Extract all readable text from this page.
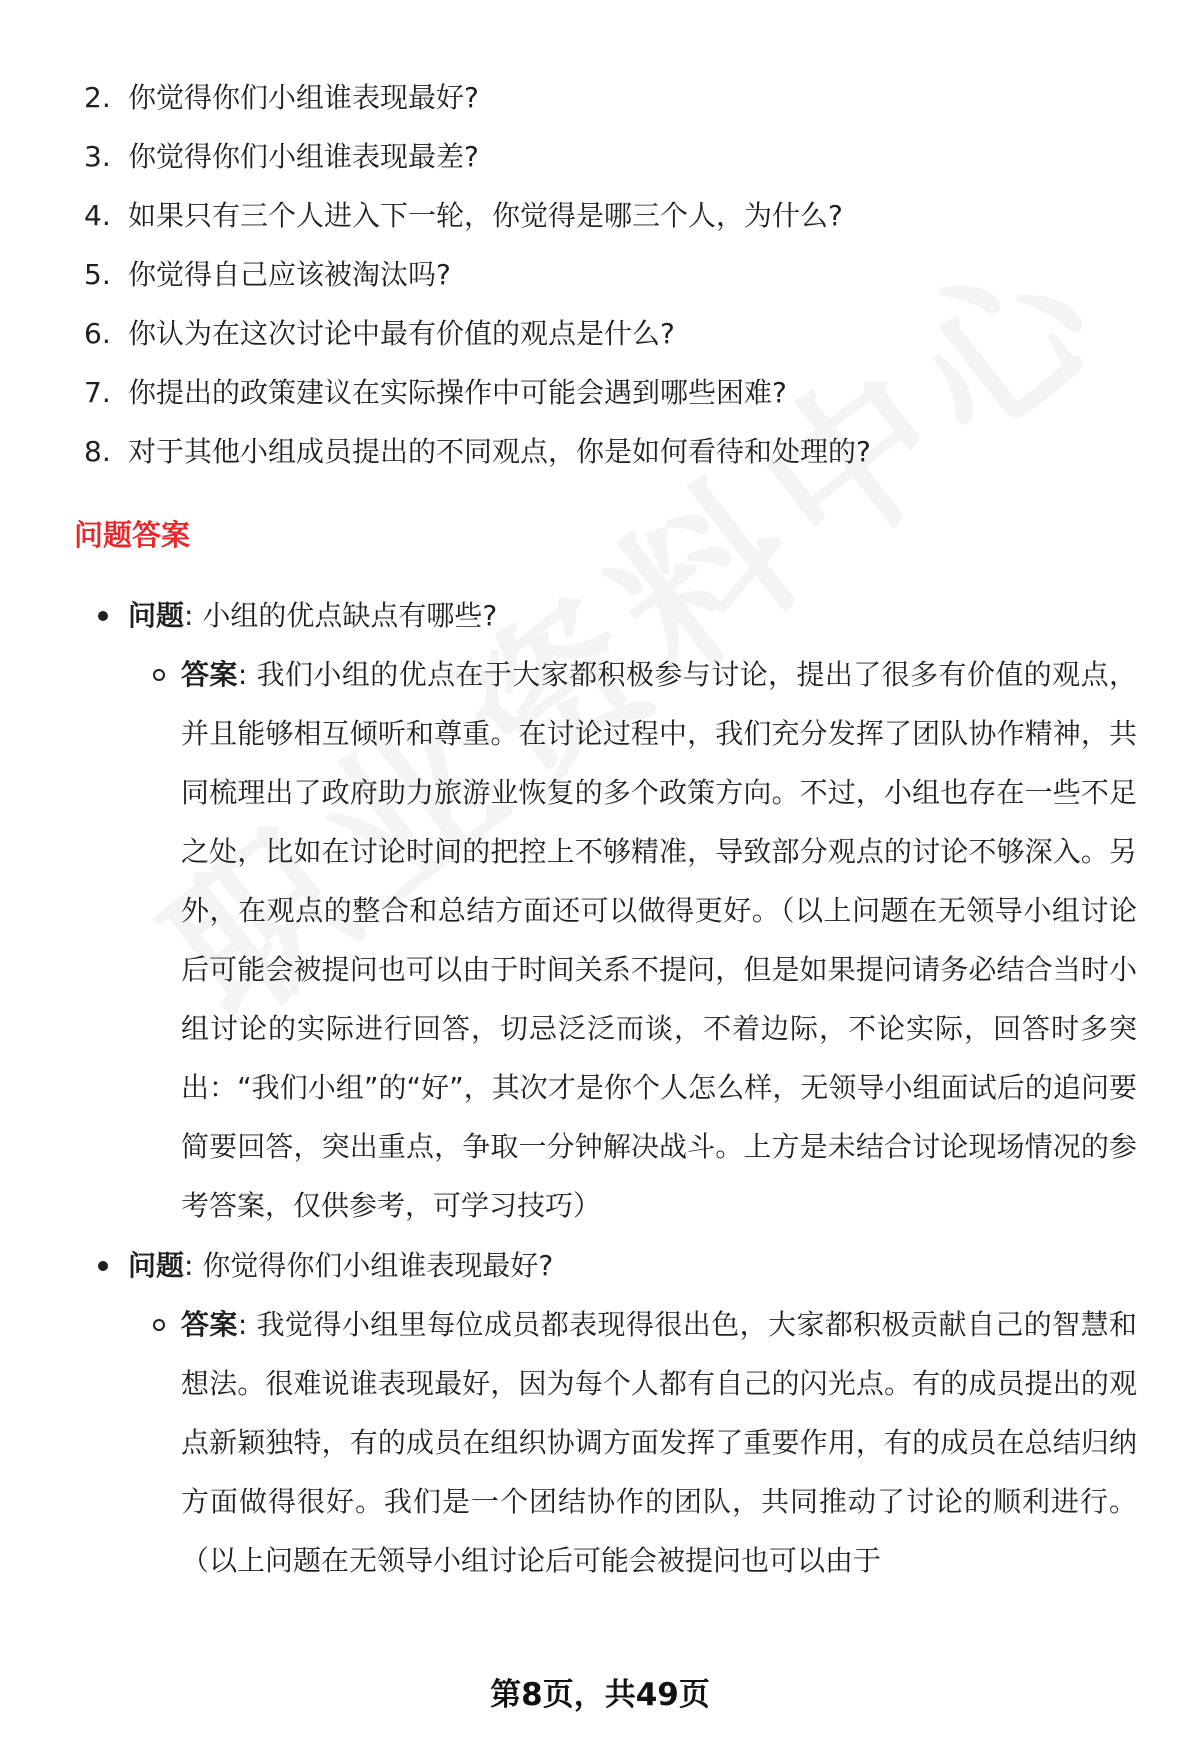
2. 你觉得你们小组谁表现最好?
3. 你觉得你们小组谁表现最差?
4. 如果只有三个人进入下一轮，你觉得是哪三个人，为什么?
5. 你觉得自己应该被淘汰吗?
6. 你认为在这次讨论中最有价值的观点是什么?
7. 你提出的政策建议在实际操作中可能会遇到哪些困难?
8. 对于其他小组成员提出的不同观点，你是如何看待和处理的?
问题答案
问题: 小组的优点缺点有哪些?
答案: 我们小组的优点在于大家都积极参与讨论，提出了很多有价值的观点，并且能够相互倾听和尊重。在讨论过程中，我们充分发挥了团队协作精神，共同梳理出了政府助力旅游业恢复的多个政策方向。不过，小组也存在一些不足之处，比如在讨论时间的把控上不够精准，导致部分观点的讨论不够深入。另外，在观点的整合和总结方面还可以做得更好。（以上问题在无领导小组讨论后可能会被提问也可以由于时间关系不提问，但是如果提问请务必结合当时小组讨论的实际进行回答，切忌泛泛而谈，不着边际，不论实际，回答时多突出：“我们小组”的“好”，其次才是你个人怎么样，无领导小组面试后的追问要简要回答，突出重点，争取一分钟解决战斗。上方是未结合讨论现场情况的参考答案，仅供参考，可学习技巧）
问题: 你觉得你们小组谁表现最好?
答案: 我觉得小组里每位成员都表现得很出色，大家都积极贡献自己的智慧和想法。很难说谁表现最好，因为每个人都有自己的闪光点。有的成员提出的观点新颖独特，有的成员在组织协调方面发挥了重要作用，有的成员在总结归纳方面做得很好。我们是一个团结协作的团队，共同推动了讨论的顺利进行。（以上问题在无领导小组讨论后可能会被提问也可以由于
第8页，共49页
